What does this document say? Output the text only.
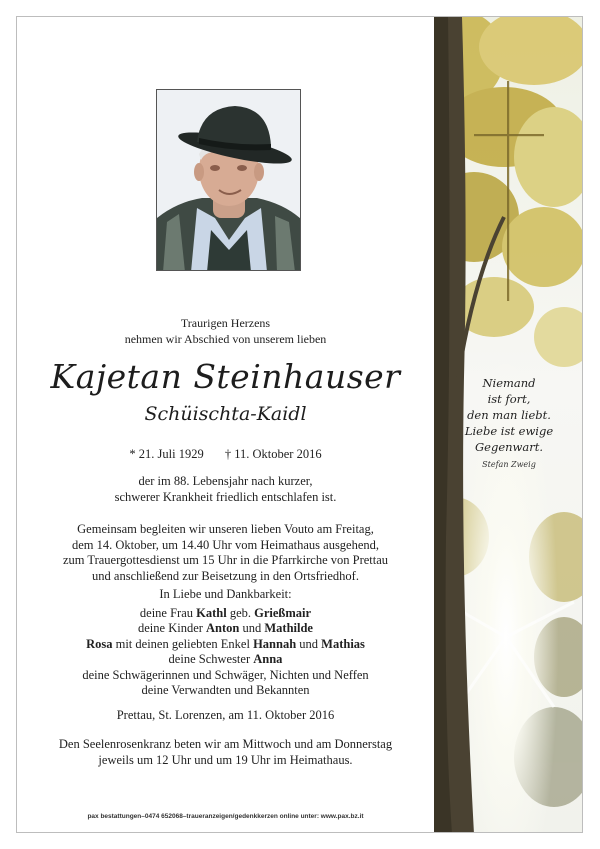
Traurigen Herzens
nehmen wir Abschied von unserem lieben
Kajetan Steinhauser
Schüischta-Kaidl
* 21. Juli 1929 † 11. Oktober 2016
der im 88. Lebensjahr nach kurzer,
schwerer Krankheit friedlich entschlafen ist.
Gemeinsam begleiten wir unseren lieben Vouto am Freitag,
dem 14. Oktober, um 14.40 Uhr vom Heimathaus ausgehend,
zum Trauergottesdienst um 15 Uhr in die Pfarrkirche von Prettau
und anschließend zur Beisetzung in den Ortsfriedhof.
In Liebe und Dankbarkeit:
deine Frau Kathl geb. Grießmair
deine Kinder Anton und Mathilde
Rosa mit deinen geliebten Enkel Hannah und Mathias
deine Schwester Anna
deine Schwägerinnen und Schwäger, Nichten und Neffen
deine Verwandten und Bekannten
Prettau, St. Lorenzen, am 11. Oktober 2016
Den Seelenrosenkranz beten wir am Mittwoch und am Donnerstag
jeweils um 12 Uhr und um 19 Uhr im Heimathaus.
pax bestattungen–0474 652068–traueranzeigen/gedenkkerzen online unter: www.pax.bz.it
Niemand
ist fort,
den man liebt.
Liebe ist ewige
Gegenwart.
Stefan Zweig
